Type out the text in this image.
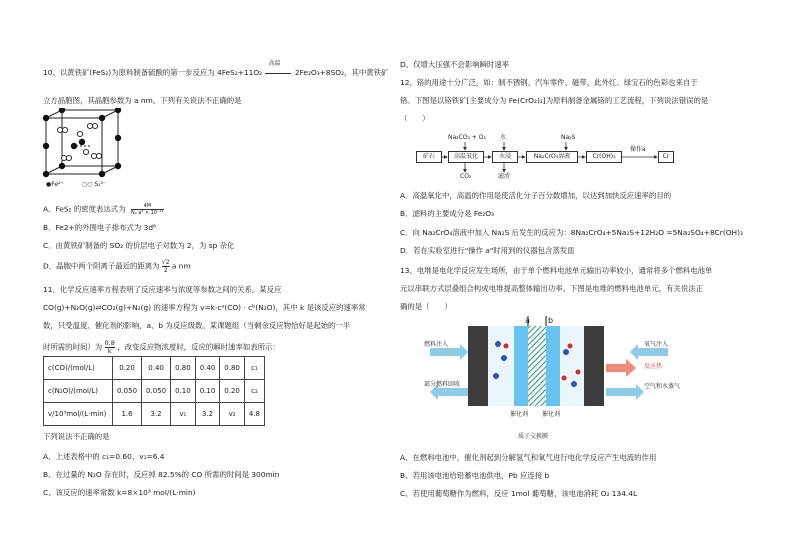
10、以黄铁矿(FeS₂)为原料制备硫酸的第一步反应为 4FeS₂+11O₂
高温
2Fe₂O₃+8SO₂，其中黄铁矿
立方晶胞图，其晶胞参数为 a nm。下列有关说法不正确的是
●Fe²⁺	○○ S₂²⁻
A．FeS₂ 的密度表达式为 $\frac{4M}{\text{Nₐ a³ × 10⁻²¹}}$
B．Fe2+的外围电子排布式为 3d⁶
C．由黄铁矿制备的 SO₂ 的价层电子对数为 2，为 sp 杂化
D．晶胞中两个阴离子最近的距离为 $\frac{√2}{2}$ a nm
11、化学反应速率方程表明了反应速率与浓度等参数之间的关系。某反应
CO(g)+N₂O(g)⇌CO₂(g)+N₂(g) 的速率方程为 v=k·cᵃ(CO) · cᵇ(N₂O)，其中 k 是该反应的速率常
数，只受温度、催化剂的影响，a、b 为反应级数。某课题组（当剩余反应物恰好是起始的一半
时所需的时间）为 $\frac{0.8}{k}$ ，改变反应物浓度时，反应的瞬时速率如表所示：
c(CO)/(mol/L)	0.20	0.40	0.80	0.40	0.80	c₁
c(N₂O)/(mol/L)	0.050	0.050	0.10	0.10	0.20	c₂
v/10³mol/(L·min)	1.6	3.2	v₁	3.2	v₂	4.8
下列说法不正确的是
A、上述表格中的 c₁=0.60、v₁=6.4
B、在过量的 N₂O 存在时，反应掉 82.5%的 CO 所需的时间是 300min
C、该反应的速率常数 k=8×10³ mol/(L·min)
D、仅增大压强不会影响瞬时速率
12、铬的用途十分广泛，如：制不锈钢、汽车零件、磁带，此外红、绿宝石的色彩也来自于
铬。下图是以铬铁矿[主要成分为 Fe(CrO₂)₂]为原料制备金属铬的工艺流程，下列说法错误的是
（　　）
Na₂CO₃ + O₂ 水	Na₂S
矿石	高温氧化	水浸	Na₂CrO₄溶液	Cr(OH)₃
操作a
Cr
CO₂	滤渣
A．高温氧化中，高温的作用是使活化分子百分数增加，以达到加快反应速率的目的
B．滤料的主要成分是 Fe₂O₃
C．向 Na₂CrO₄溶液中加入 Na₂S 后发生的反应为：8Na₂CrO₄+5Na₂S+12H₂O =5Na₂SO₄+8Cr(OH)₃
D．若在实验室进行"操作 a"时用到的仪器包含蒸发皿
13、电堆是电化学反应发生场所，由于单个燃料电池单元输出功率较小，通常将多个燃料电池单
元以串联方式层叠组合构成电堆提高整体输出功率。下图是电堆的燃料电池单元，有关说法正
确的是（　　）
a b
燃料注入
部分燃料回收
氧气注入
反应热
空气和水蒸气
催化剂 催化剂
质子交换膜
A、在燃料电池中，催化剂起到分解氢气和氧气进行电化学反应产生电流的作用
B、若用该电池给铅蓄电池供电，Pb 应连接 b
C、若使用葡萄糖作为燃料，反应 1mol 葡萄糖，该电池消耗 O₂ 134.4L
